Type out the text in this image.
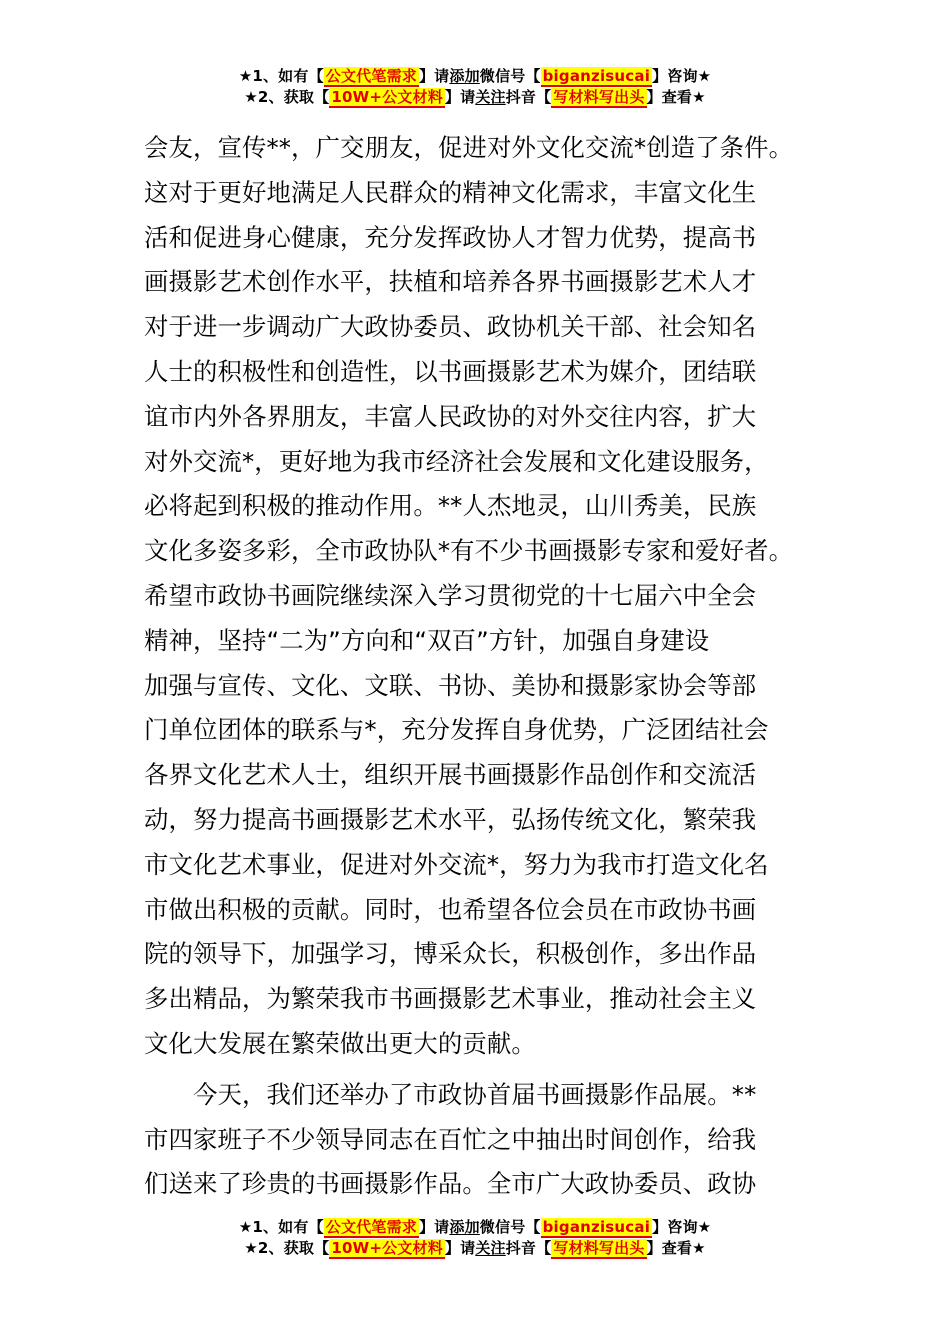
★1、如有【 公文代笔需求 】请添加微信号【 biganzisucai 】咨询★
★2、获取【 10W+公文材料 】请关注抖音【 写材料写出头 】查看★
会友，宣传**，广交朋友，促进对外文化交流*创造了条件。
这对于更好地满足人民群众的精神文化需求，丰富文化生
活和促进身心健康，充分发挥政协人才智力优势，提高书
画摄影艺术创作水平，扶植和培养各界书画摄影艺术人才
对于进一步调动广大政协委员、政协机关干部、社会知名
人士的积极性和创造性，以书画摄影艺术为媒介，团结联
谊市内外各界朋友，丰富人民政协的对外交往内容，扩大
对外交流*，更好地为我市经济社会发展和文化建设服务，
必将起到积极的推动作用。**人杰地灵，山川秀美，民族
文化多姿多彩，全市政协队*有不少书画摄影专家和爱好者。
希望市政协书画院继续深入学习贯彻党的十七届六中全会
精神，坚持“二为”方向和“双百”方针，加强自身建设
加强与宣传、文化、文联、书协、美协和摄影家协会等部
门单位团体的联系与*，充分发挥自身优势，广泛团结社会
各界文化艺术人士，组织开展书画摄影作品创作和交流活
动，努力提高书画摄影艺术水平，弘扬传统文化，繁荣我
市文化艺术事业，促进对外交流*，努力为我市打造文化名
市做出积极的贡献。同时，也希望各位会员在市政协书画
院的领导下，加强学习，博采众长，积极创作，多出作品
多出精品，为繁荣我市书画摄影艺术事业，推动社会主义
文化大发展在繁荣做出更大的贡献。
　　今天，我们还举办了市政协首届书画摄影作品展。**
市四家班子不少领导同志在百忙之中抽出时间创作，给我
们送来了珍贵的书画摄影作品。全市广大政协委员、政协
★1、如有【 公文代笔需求 】请添加微信号【 biganzisucai 】咨询★
★2、获取【 10W+公文材料 】请关注抖音【 写材料写出头 】查看★
